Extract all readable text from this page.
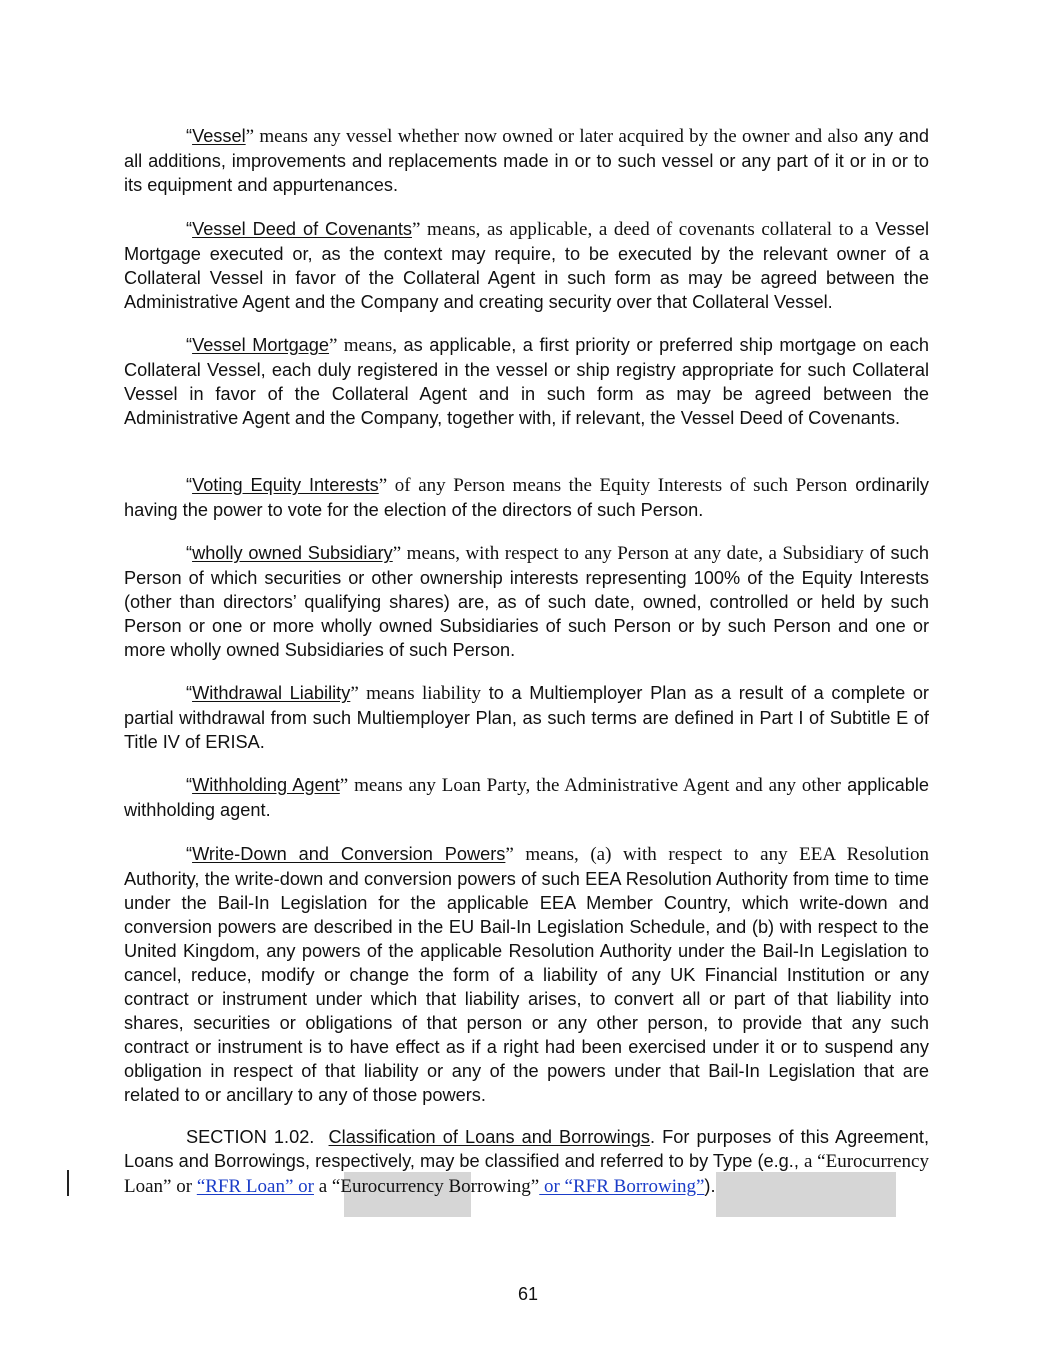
“Vessel” means any vessel whether now owned or later acquired by the owner and also any and all additions, improvements and replacements made in or to such vessel or any part of it or in or to its equipment and appurtenances.

“Vessel Deed of Covenants” means, as applicable, a deed of covenants collateral to a Vessel Mortgage executed or, as the context may require, to be executed by the relevant owner of a Collateral Vessel in favor of the Collateral Agent in such form as may be agreed between the Administrative Agent and the Company and creating security over that Collateral Vessel.

“Vessel Mortgage” means, as applicable, a first priority or preferred ship mortgage on each Collateral Vessel, each duly registered in the vessel or ship registry appropriate for such Collateral Vessel in favor of the Collateral Agent and in such form as may be agreed between the Administrative Agent and the Company, together with, if relevant, the Vessel Deed of Covenants.

“Voting Equity Interests” of any Person means the Equity Interests of such Person ordinarily having the power to vote for the election of the directors of such Person.

“wholly owned Subsidiary” means, with respect to any Person at any date, a Subsidiary of such Person of which securities or other ownership interests representing 100% of the Equity Interests (other than directors’ qualifying shares) are, as of such date, owned, controlled or held by such Person or one or more wholly owned Subsidiaries of such Person or by such Person and one or more wholly owned Subsidiaries of such Person.

“Withdrawal Liability” means liability to a Multiemployer Plan as a result of a complete or partial withdrawal from such Multiemployer Plan, as such terms are defined in Part I of Subtitle E of Title IV of ERISA.

“Withholding Agent” means any Loan Party, the Administrative Agent and any other applicable withholding agent.

“Write-Down and Conversion Powers” means, (a) with respect to any EEA Resolution Authority, the write-down and conversion powers of such EEA Resolution Authority from time to time under the Bail-In Legislation for the applicable EEA Member Country, which write-down and conversion powers are described in the EU Bail-In Legislation Schedule, and (b) with respect to the United Kingdom, any powers of the applicable Resolution Authority under the Bail-In Legislation to cancel, reduce, modify or change the form of a liability of any UK Financial Institution or any contract or instrument under which that liability arises, to convert all or part of that liability into shares, securities or obligations of that person or any other person, to provide that any such contract or instrument is to have effect as if a right had been exercised under it or to suspend any obligation in respect of that liability or any of the powers under that Bail-In Legislation that are related to or ancillary to any of those powers.

SECTION 1.02. Classification of Loans and Borrowings. For purposes of this Agreement, Loans and Borrowings, respectively, may be classified and referred to by Type (e.g., a “Eurocurrency Loan” or “RFR Loan” or a “Eurocurrency Borrowing” or “RFR Borrowing”).

61
